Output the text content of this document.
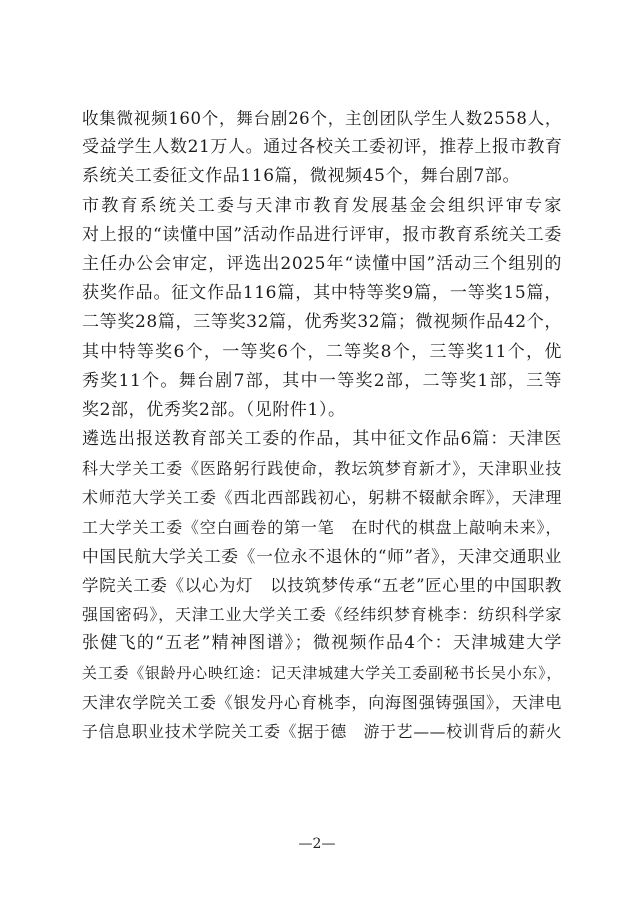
收集微视频160个，舞台剧26个，主创团队学生人数2558人，
受益学生人数21万人。通过各校关工委初评，推荐上报市教育
系统关工委征文作品116篇，微视频45个，舞台剧7部。
市教育系统关工委与天津市教育发展基金会组织评审专家
对上报的“读懂中国”活动作品进行评审，报市教育系统关工委
主任办公会审定，评选出2025年“读懂中国”活动三个组别的
获奖作品。征文作品116篇，其中特等奖9篇，一等奖15篇，
二等奖28篇，三等奖32篇，优秀奖32篇；微视频作品42个，
其中特等奖6个，一等奖6个，二等奖8个，三等奖11个，优
秀奖11个。舞台剧7部，其中一等奖2部，二等奖1部，三等
奖2部，优秀奖2部。（见附件1）。
遴选出报送教育部关工委的作品，其中征文作品6篇：天津医
科大学关工委《医路躬行践使命，教坛筑梦育新才》，天津职业技
术师范大学关工委《西北西部践初心，躬耕不辍献余晖》，天津理
工大学关工委《空白画卷的第一笔　在时代的棋盘上敲响未来》，
中国民航大学关工委《一位永不退休的“师”者》，天津交通职业
学院关工委《以心为灯　以技筑梦传承“五老”匠心里的中国职教
强国密码》，天津工业大学关工委《经纬织梦育桃李：纺织科学家
张健飞的“五老”精神图谱》；微视频作品4个：天津城建大学
关工委《银龄丹心映红途：记天津城建大学关工委副秘书长吴小东》，
天津农学院关工委《银发丹心育桃李，向海图强铸强国》，天津电
子信息职业技术学院关工委《据于德　游于艺——校训背后的薪火
—2—
